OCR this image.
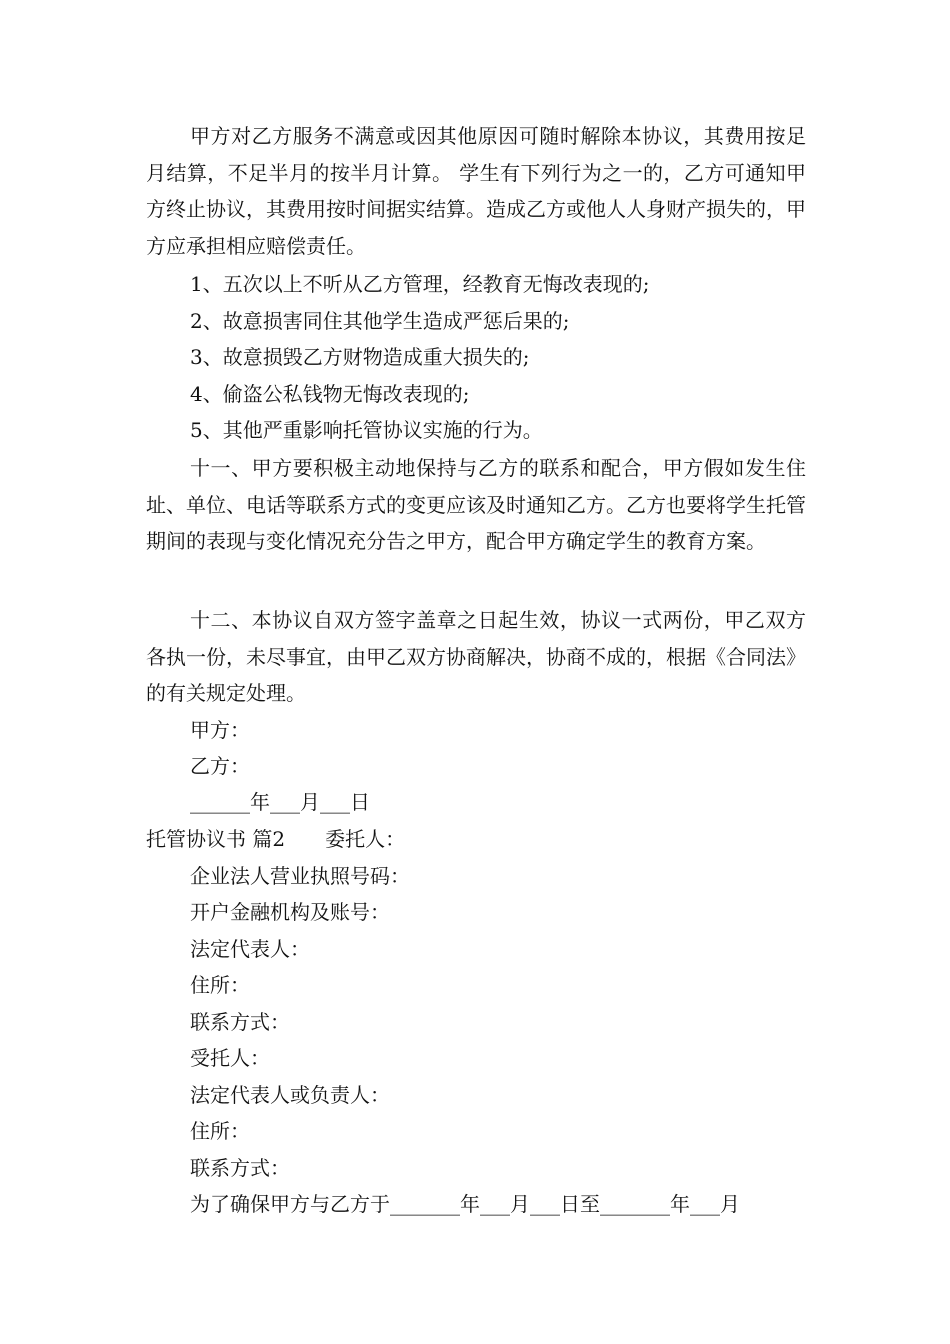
甲方对乙方服务不满意或因其他原因可随时解除本协议，其费用按足月结算，不足半月的按半月计算。 学生有下列行为之一的，乙方可通知甲方终止协议，其费用按时间据实结算。造成乙方或他人人身财产损失的，甲方应承担相应赔偿责任。

1、五次以上不听从乙方管理，经教育无悔改表现的;

2、故意损害同住其他学生造成严惩后果的;

3、故意损毁乙方财物造成重大损失的;

4、偷盗公私钱物无悔改表现的;

5、其他严重影响托管协议实施的行为。

十一、甲方要积极主动地保持与乙方的联系和配合，甲方假如发生住址、单位、电话等联系方式的变更应该及时通知乙方。乙方也要将学生托管期间的表现与变化情况充分告之甲方，配合甲方确定学生的教育方案。

十二、本协议自双方签字盖章之日起生效，协议一式两份，甲乙双方各执一份，未尽事宜，由甲乙双方协商解决，协商不成的，根据《合同法》的有关规定处理。

甲方：

乙方：

______年___月___日

托管协议书 篇2　　委托人：

企业法人营业执照号码：

开户金融机构及账号：

法定代表人：

住所：

联系方式：

受托人：

法定代表人或负责人：

住所：

联系方式：

为了确保甲方与乙方于_______年___月___日至_______年___月
